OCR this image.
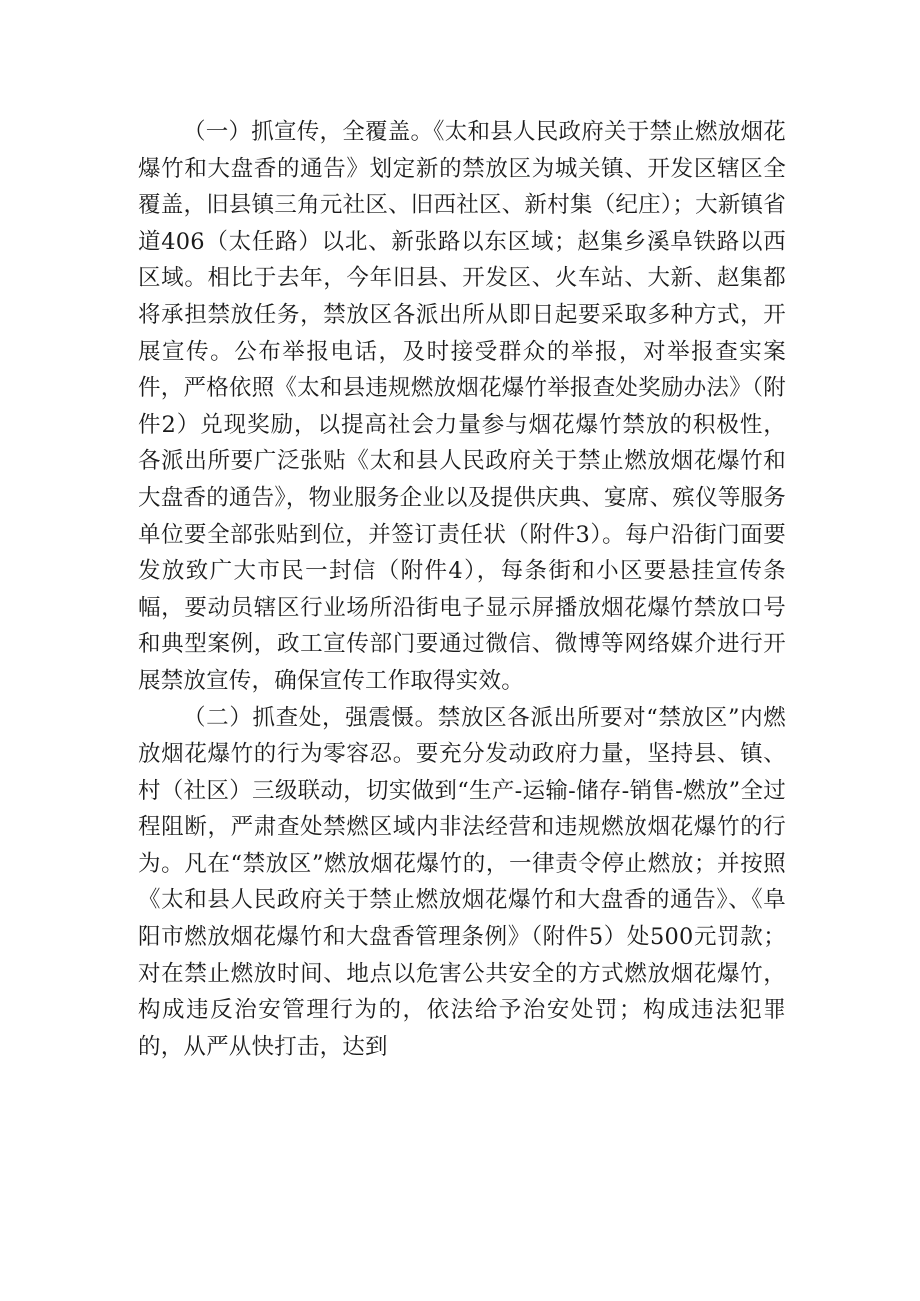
（一）抓宣传，全覆盖。《太和县人民政府关于禁止燃放烟花爆竹和大盘香的通告》划定新的禁放区为城关镇、开发区辖区全覆盖，旧县镇三角元社区、旧西社区、新村集（纪庄）；大新镇省道406（太任路）以北、新张路以东区域；赵集乡溪阜铁路以西区域。相比于去年，今年旧县、开发区、火车站、大新、赵集都将承担禁放任务，禁放区各派出所从即日起要采取多种方式，开展宣传。公布举报电话，及时接受群众的举报，对举报查实案件，严格依照《太和县违规燃放烟花爆竹举报查处奖励办法》（附件2）兑现奖励，以提高社会力量参与烟花爆竹禁放的积极性，各派出所要广泛张贴《太和县人民政府关于禁止燃放烟花爆竹和大盘香的通告》，物业服务企业以及提供庆典、宴席、殡仪等服务单位要全部张贴到位，并签订责任状（附件3）。每户沿街门面要发放致广大市民一封信（附件4），每条街和小区要悬挂宣传条幅，要动员辖区行业场所沿街电子显示屏播放烟花爆竹禁放口号和典型案例，政工宣传部门要通过微信、微博等网络媒介进行开展禁放宣传，确保宣传工作取得实效。

（二）抓查处，强震慑。禁放区各派出所要对“禁放区”内燃放烟花爆竹的行为零容忍。要充分发动政府力量，坚持县、镇、村（社区）三级联动，切实做到“生产-运输-储存-销售-燃放”全过程阻断，严肃查处禁燃区域内非法经营和违规燃放烟花爆竹的行为。凡在“禁放区”燃放烟花爆竹的，一律责令停止燃放；并按照《太和县人民政府关于禁止燃放烟花爆竹和大盘香的通告》、《阜阳市燃放烟花爆竹和大盘香管理条例》（附件5）处500元罚款；对在禁止燃放时间、地点以危害公共安全的方式燃放烟花爆竹，构成违反治安管理行为的，依法给予治安处罚；构成违法犯罪的，从严从快打击，达到
